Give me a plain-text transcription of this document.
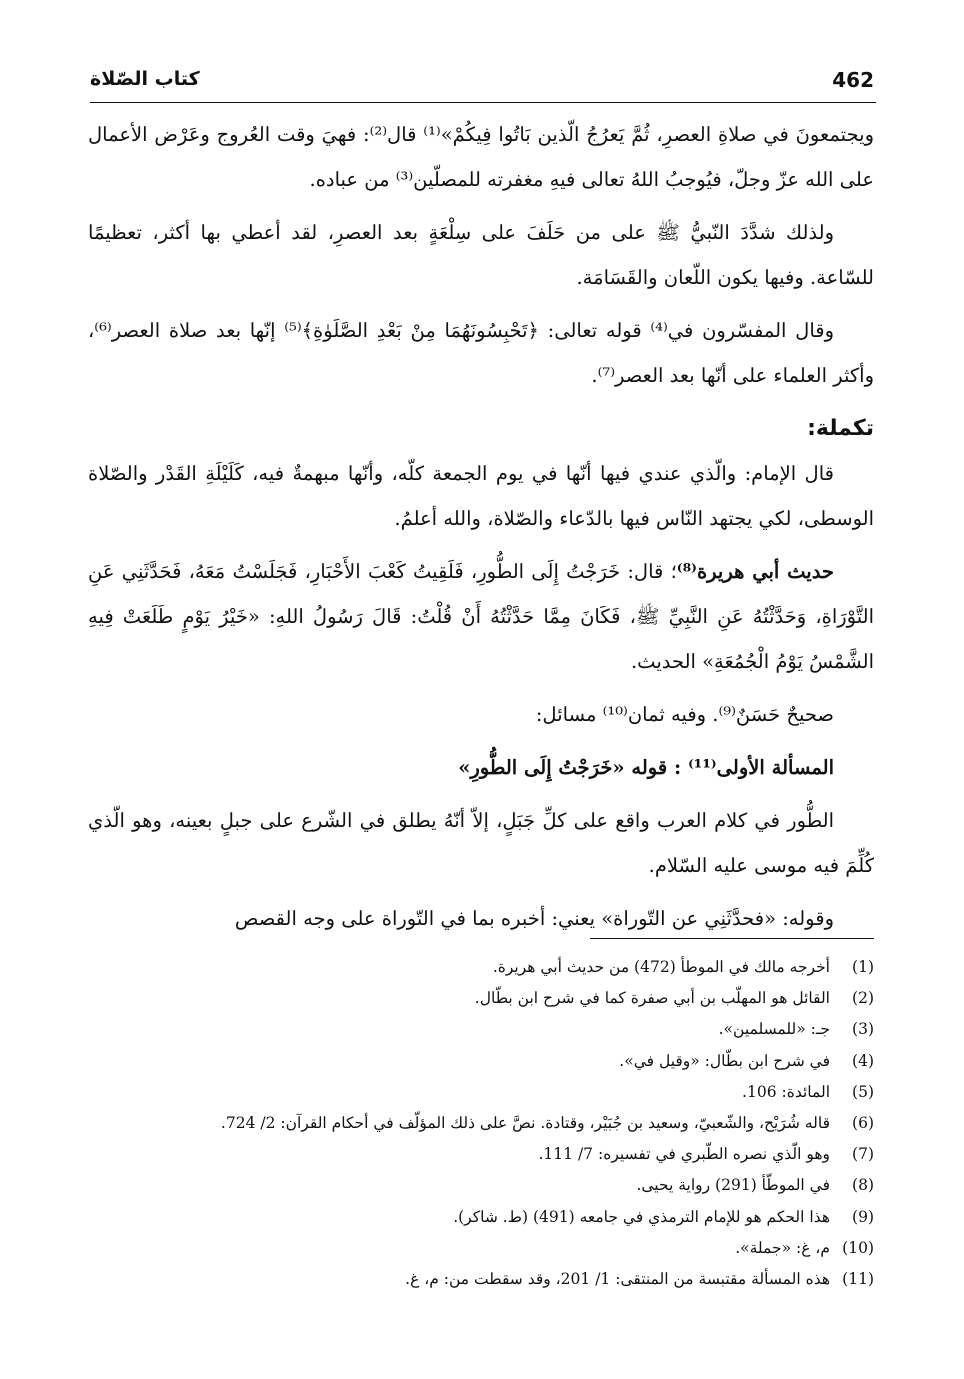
462
كتاب الصّلاة

ويجتمعونَ في صلاةِ العصرِ، ثُمَّ يَعرُجُ الّذين بَاتُوا فِيكُمْ»⁽¹⁾ قال⁽²⁾: فهيَ وقت العُروج وعَرْض الأعمال على الله عزّ وجلّ، فيُوجبُ اللهُ تعالى فيهِ مغفرته للمصلّين⁽³⁾ من عباده.

ولذلك شدَّدَ النّبيُّ ﷺ على من حَلَفَ على سِلْعَةٍ بعد العصرِ، لقد أعطي بها أكثر، تعظيمًا للسّاعة. وفيها يكون اللّعان والقَسَامَة.

وقال المفسّرون في⁽⁴⁾ قوله تعالى: ﴿تَحْبِسُونَهُمَا مِنْ بَعْدِ الصَّلَوٰةِ﴾⁽⁵⁾ إنّها بعد صلاة العصر⁽⁶⁾، وأكثر العلماء على أنّها بعد العصر⁽⁷⁾.

تكملة:

قال الإمام: والّذي عندي فيها أنّها في يوم الجمعة كلّه، وأنّها مبهمةٌ فيه، كَلَيْلَةِ القَدْر والصّلاة الوسطى، لكي يجتهد النّاس فيها بالدّعاء والصّلاة، والله أعلمُ.

حديث أبي هريرة⁽⁸⁾؛ قال: خَرَجْتُ إِلَى الطُّورِ، فَلَقِيتُ كَعْبَ الأَحْبَارِ، فَجَلَسْتُ مَعَهُ، فَحَدَّثَنِي عَنِ التَّوْرَاةِ، وَحَدَّثْتُهُ عَنِ النَّبِيِّ ﷺ، فَكَانَ مِمَّا حَدَّثْتُهُ أَنْ قُلْتُ: قَالَ رَسُولُ اللهِ: «خَيْرُ يَوْمٍ طَلَعَتْ فِيهِ الشَّمْسُ يَوْمُ الْجُمُعَةِ» الحديث.

صحيحٌ حَسَنٌ⁽⁹⁾. وفيه ثمان⁽¹⁰⁾ مسائل:

المسألة الأولى⁽¹¹⁾ : قوله «خَرَجْتُ إِلَى الطُّورِ»

الطُّور في كلام العرب واقع على كلِّ جَبَلٍ، إلاّ أنّهُ يطلق في الشّرع على جبلٍ بعينه، وهو الّذي كُلِّمَ فيه موسى عليه السّلام.

وقوله: «فحدَّثَنِي عن التّوراة» يعني: أخبره بما في التّوراة على وجه القصص

(1)
أخرجه مالك في الموطأ (472) من حديث أبي هريرة.
(2)
القائل هو المهلّب بن أبي صفرة كما في شرح ابن بطّال.
(3)
جـ: «للمسلمين».
(4)
في شرح ابن بطّال: «وقيل في».
(5)
المائدة: 106.
(6)
قاله شُرَيْح، والشّعبيّ، وسعيد بن جُبَيْر، وقتادة. نصَّ على ذلك المؤلّف في أحكام القرآن: 2/ 724.
(7)
وهو الّذي نصره الطّبري في تفسيره: 7/ 111.
(8)
في الموطّأ (291) رواية يحيى.
(9)
هذا الحكم هو للإمام الترمذي في جامعه (491) (ط. شاكر).
(10)
م، غ: «جملة».
(11)
هذه المسألة مقتبسة من المنتقى: 1/ 201، وقد سقطت من: م، غ.
